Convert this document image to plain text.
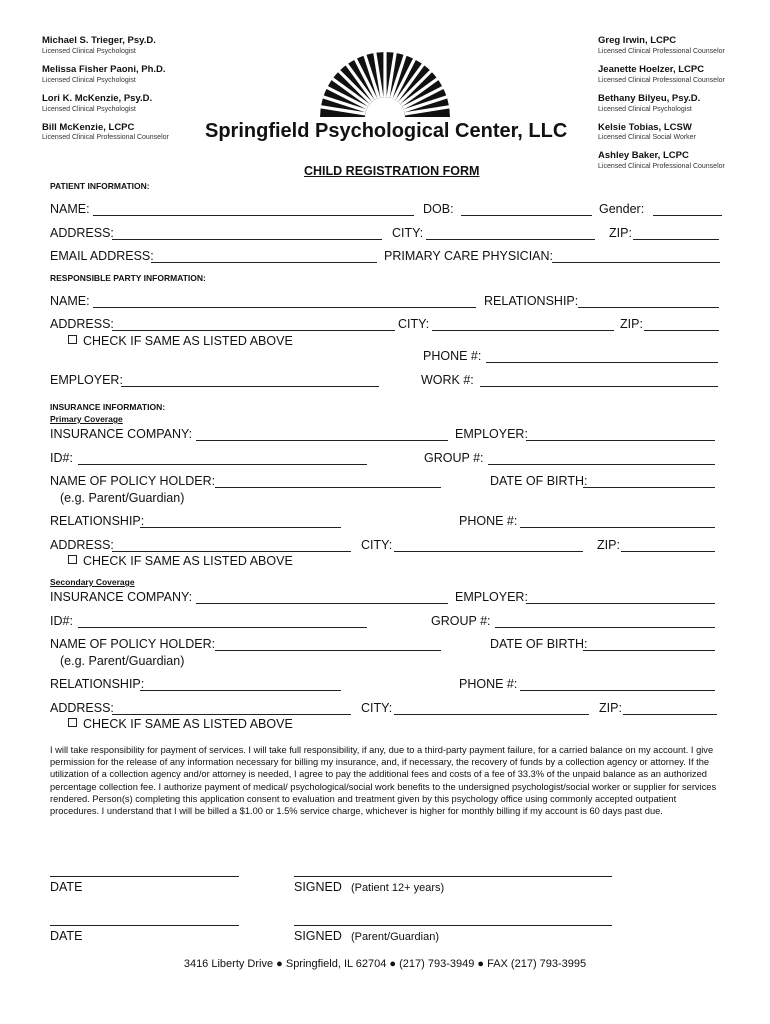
Michael S. Trieger, Psy.D.
Licensed Clinical Psychologist
Melissa Fisher Paoni, Ph.D.
Licensed Clinical Psychologist
Lori K. McKenzie, Psy.D.
Licensed Clinical Psychologist
Bill McKenzie, LCPC
Licensed Clinical Professional Counselor
Greg Irwin, LCPC
Licensed Clinical Professional Counselor
Jeanette Hoelzer, LCPC
Licensed Clinical Professional Counselor
Bethany Bilyeu, Psy.D.
Licensed Clinical Psychologist
Kelsie Tobias, LCSW
Licensed Clinical Social Worker
Ashley Baker, LCPC
Licensed Clinical Professional Counselor
Springfield Psychological Center, LLC
CHILD REGISTRATION FORM
PATIENT INFORMATION:
NAME:	DOB:	Gender:
ADDRESS:	CITY:	ZIP:
EMAIL ADDRESS:	PRIMARY CARE PHYSICIAN:
RESPONSIBLE PARTY INFORMATION:
NAME:	RELATIONSHIP:
ADDRESS:	CITY:	ZIP:
CHECK IF SAME AS LISTED ABOVE
PHONE #:
EMPLOYER:	WORK #:
INSURANCE INFORMATION:
Primary Coverage
INSURANCE COMPANY:	EMPLOYER:
ID#:	GROUP #:
NAME OF POLICY HOLDER:	DATE OF BIRTH:
(e.g. Parent/Guardian)
RELATIONSHIP:	PHONE #:
ADDRESS:	CITY:	ZIP:
CHECK IF SAME AS LISTED ABOVE
Secondary Coverage
INSURANCE COMPANY:	EMPLOYER:
ID#:	GROUP #:
NAME OF POLICY HOLDER:	DATE OF BIRTH:
(e.g. Parent/Guardian)
RELATIONSHIP:	PHONE #:
ADDRESS:	CITY:	ZIP:
CHECK IF SAME AS LISTED ABOVE
I will take responsibility for payment of services. I will take full responsibility, if any, due to a third-party payment failure, for a carried balance on my account. I give permission for the release of any information necessary for billing my insurance, and, if necessary, the recovery of funds by a collection agency or attorney. If the utilization of a collection agency and/or attorney is needed, I agree to pay the additional fees and costs of a fee of 33.3% of the unpaid balance as an authorized percentage collection fee. I authorize payment of medical/ psychological/social work benefits to the undersigned psychologist/social worker or supplier for services rendered. Person(s) completing this application consent to evaluation and treatment given by this psychology office using commonly accepted outpatient procedures. I understand that I will be billed a $1.00 or 1.5% service charge, whichever is higher for monthly billing if my account is 60 days past due.
DATE	SIGNED (Patient 12+ years)
DATE	SIGNED (Parent/Guardian)
3416 Liberty Drive ● Springfield, IL 62704 ● (217) 793-3949 ● FAX (217) 793-3995
